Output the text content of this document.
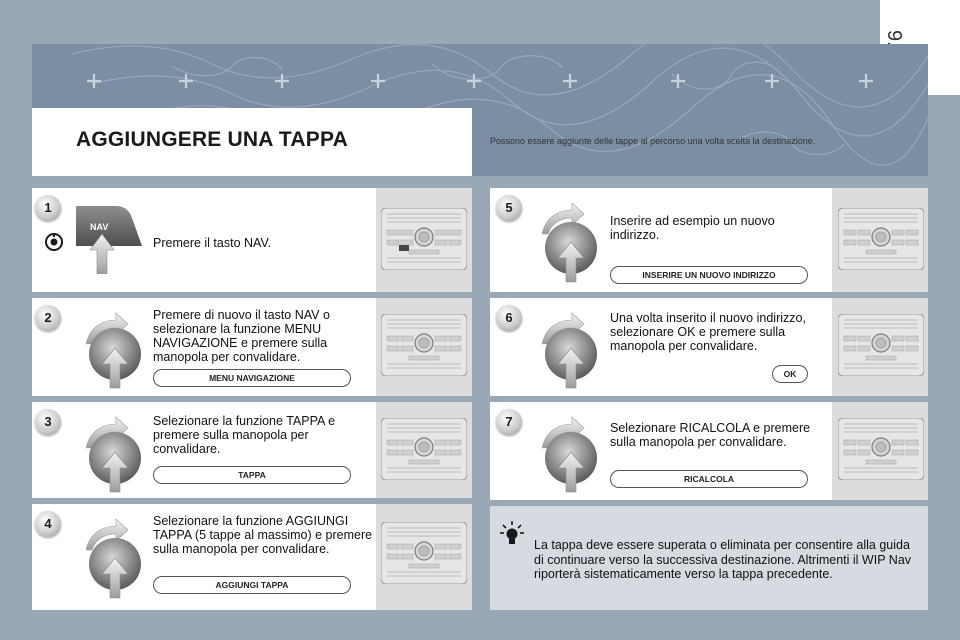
AGGIUNGERE UNA TAPPA	Possono essere aggiunte delle tappe al percorso una volta scelta la destinazione.
1
NAV
Premere il tasto NAV.
2	Premere di nuovo il tasto NAV o selezionare la funzione MENU NAVIGAZIONE e premere sulla manopola per convalidare.
MENU NAVIGAZIONE
3	Selezionare la funzione TAPPA e premere sulla manopola per convalidare.
TAPPA
4	Selezionare la funzione AGGIUNGI TAPPA (5 tappe al massimo) e premere sulla manopola per convalidare.
AGGIUNGI TAPPA
5
Inserire ad esempio un nuovo indirizzo.
INSERIRE UN NUOVO INDIRIZZO
6	Una volta inserito il nuovo indirizzo, selezionare OK e premere sulla manopola per convalidare.
OK
7	Selezionare RICALCOLA e premere sulla manopola per convalidare.
RICALCOLA
La tappa deve essere superata o eliminata per consentire alla guida di continuare verso la successiva destinazione. Altrimenti il WIP Nav riporterà sistematicamente verso la tappa precedente.
